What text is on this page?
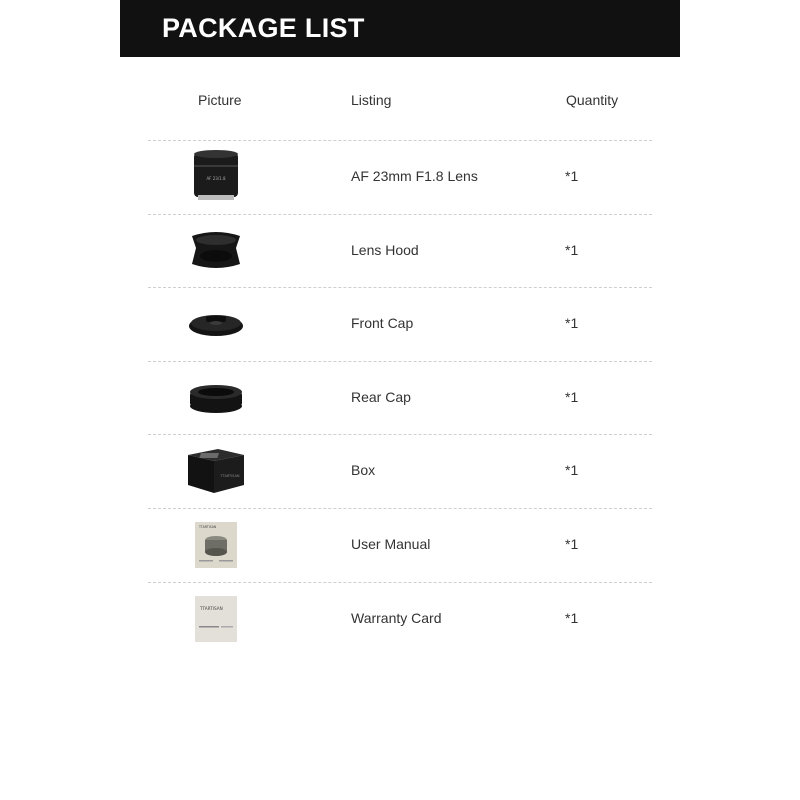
PACKAGE LIST
Picture	Listing	Quantity
AF 23/1.8	AF 23mm F1.8 Lens	*1
Lens Hood	*1
Front Cap	*1
Rear Cap	*1
TTARTISAN	Box	*1
TTARTISAN
User Manual	*1
TTARTISAN
Warranty Card	*1
